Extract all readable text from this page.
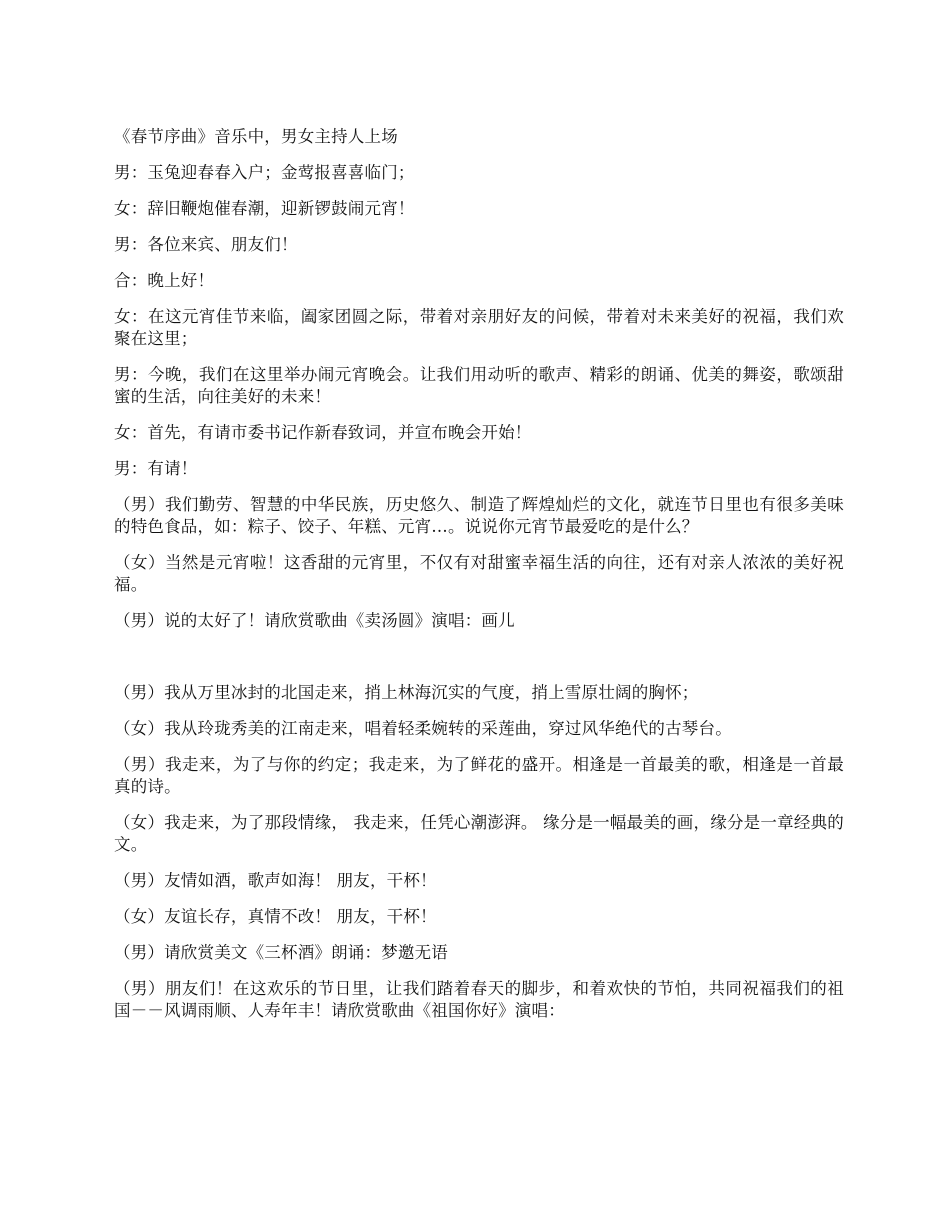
《春节序曲》音乐中，男女主持人上场

男：玉兔迎春春入户；金莺报喜喜临门；

女：辞旧鞭炮催春潮，迎新锣鼓闹元宵！

男：各位来宾、朋友们！

合：晚上好！

女：在这元宵佳节来临，阖家团圆之际，带着对亲朋好友的问候，带着对未来美好的祝福，我们欢聚在这里；

男：今晚，我们在这里举办闹元宵晚会。让我们用动听的歌声、精彩的朗诵、优美的舞姿，歌颂甜蜜的生活，向往美好的未来！

女：首先，有请市委书记作新春致词，并宣布晚会开始！

男：有请！

（男）我们勤劳、智慧的中华民族，历史悠久、制造了辉煌灿烂的文化，就连节日里也有很多美味的特色食品，如：粽子、饺子、年糕、元宵…。说说你元宵节最爱吃的是什么？

（女）当然是元宵啦！这香甜的元宵里，不仅有对甜蜜幸福生活的向往，还有对亲人浓浓的美好祝福。

（男）说的太好了！请欣赏歌曲《卖汤圆》演唱：画儿

（男）我从万里冰封的北国走来，捎上林海沉实的气度，捎上雪原壮阔的胸怀；

（女）我从玲珑秀美的江南走来，唱着轻柔婉转的采莲曲，穿过风华绝代的古琴台。

（男）我走来，为了与你的约定；我走来，为了鲜花的盛开。相逢是一首最美的歌，相逢是一首最真的诗。

（女）我走来，为了那段情缘， 我走来，任凭心潮澎湃。 缘分是一幅最美的画，缘分是一章经典的文。

（男）友情如酒，歌声如海！ 朋友，干杯！

（女）友谊长存，真情不改！ 朋友，干杯！

（男）请欣赏美文《三杯酒》朗诵：梦邀无语

（男）朋友们！在这欢乐的节日里，让我们踏着春天的脚步，和着欢快的节怕，共同祝福我们的祖国－－风调雨顺、人寿年丰！请欣赏歌曲《祖国你好》演唱：
